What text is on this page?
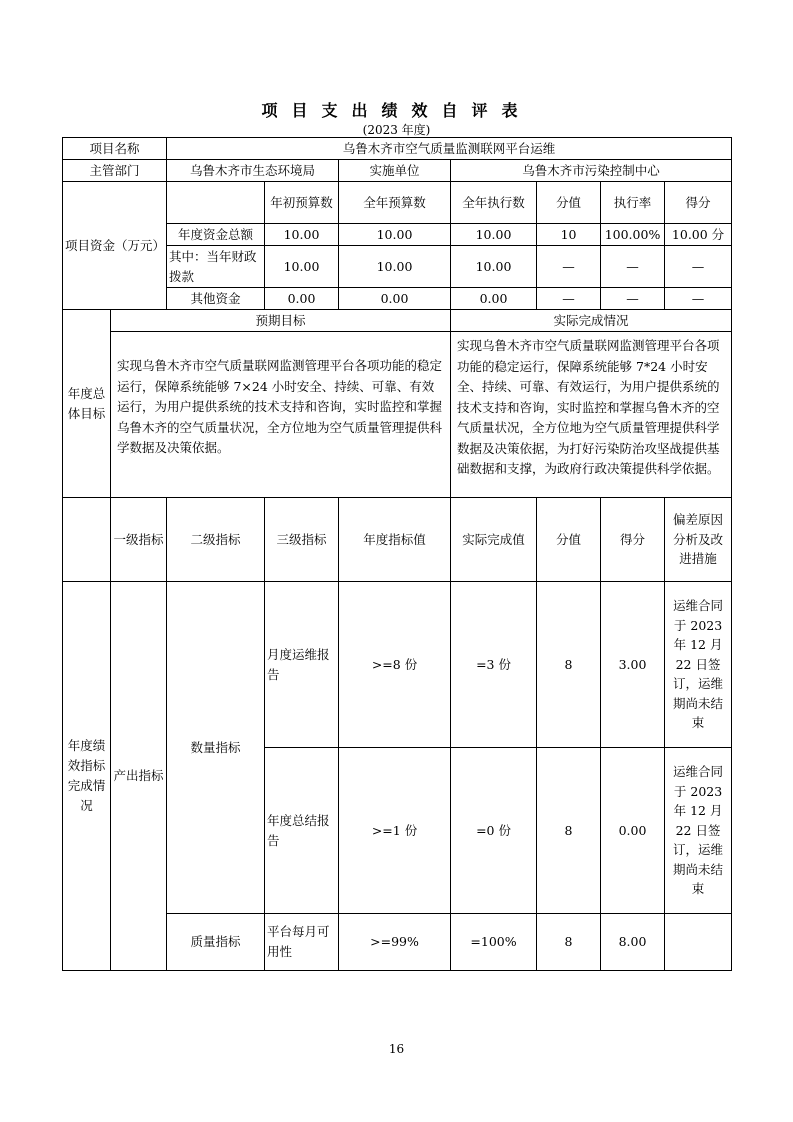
项目支出绩效自评表
(2023 年度)
项目名称		乌鲁木齐市空气质量监测联网平台运维						
主管部门		乌鲁木齐市生态环境局		实施单位	乌鲁木齐市污染控制中心			
项目资金（万元）			年初预算数	全年预算数	全年执行数	分值	执行率	得分
		年度资金总额	10.00	10.00	10.00	10	100.00%	10.00 分
		其中：当年财政拨款	10.00	10.00	10.00	—	—	—
		其他资金	0.00	0.00	0.00	—	—	—
年度总体目标	预期目标				实际完成情况			
	实现乌鲁木齐市空气质量联网监测管理平台各项功能的稳定运行，保障系统能够 7×24 小时安全、持续、可靠、有效运行，为用户提供系统的技术支持和咨询，实时监控和掌握乌鲁木齐的空气质量状况，全方位地为空气质量管理提供科学数据及决策依据。				实现乌鲁木齐市空气质量联网监测管理平台各项功能的稳定运行，保障系统能够 7*24 小时安全、持续、可靠、有效运行，为用户提供系统的技术支持和咨询，实时监控和掌握乌鲁木齐的空气质量状况，全方位地为空气质量管理提供科学数据及决策依据，为打好污染防治攻坚战提供基础数据和支撑，为政府行政决策提供科学依据。			
	一级指标	二级指标	三级指标	年度指标值	实际完成值	分值	得分	偏差原因分析及改进措施
年度绩效指标完成情况	产出指标	数量指标	月度运维报告	>=8 份	=3 份	8	3.00	运维合同于 2023 年 12 月 22 日签订，运维期尚未结束
			年度总结报告	>=1 份	=0 份	8	0.00	运维合同于 2023 年 12 月 22 日签订，运维期尚未结束
		质量指标	平台每月可用性	>=99%	=100%	8	8.00	
16
